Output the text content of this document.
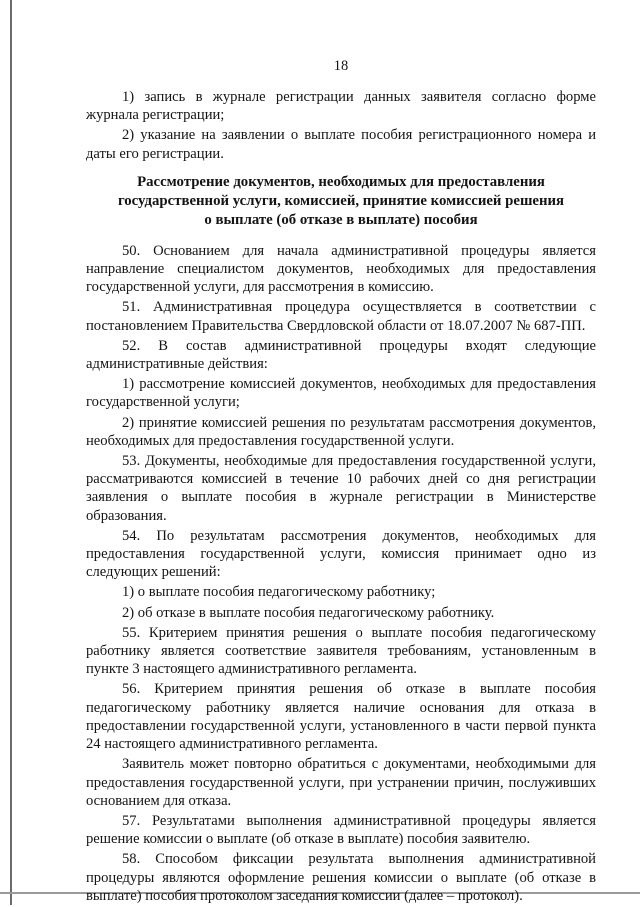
18

1) запись в журнале регистрации данных заявителя согласно форме журнала регистрации;

2) указание на заявлении о выплате пособия регистрационного номера и даты его регистрации.

Рассмотрение документов, необходимых для предоставления
государственной услуги, комиссией, принятие комиссией решения
о выплате (об отказе в выплате) пособия

50. Основанием для начала административной процедуры является направление специалистом документов, необходимых для предоставления государственной услуги, для рассмотрения в комиссию.

51. Административная процедура осуществляется в соответствии с постановлением Правительства Свердловской области от 18.07.2007 № 687-ПП.

52. В состав административной процедуры входят следующие административные действия:

1) рассмотрение комиссией документов, необходимых для предоставления государственной услуги;

2) принятие комиссией решения по результатам рассмотрения документов, необходимых для предоставления государственной услуги.

53. Документы, необходимые для предоставления государственной услуги, рассматриваются комиссией в течение 10 рабочих дней со дня регистрации заявления о выплате пособия в журнале регистрации в Министерстве образования.

54. По результатам рассмотрения документов, необходимых для предоставления государственной услуги, комиссия принимает одно из следующих решений:

1) о выплате пособия педагогическому работнику;

2) об отказе в выплате пособия педагогическому работнику.

55. Критерием принятия решения о выплате пособия педагогическому работнику является соответствие заявителя требованиям, установленным в пункте 3 настоящего административного регламента.

56. Критерием принятия решения об отказе в выплате пособия педагогическому работнику является наличие основания для отказа в предоставлении государственной услуги, установленного в части первой пункта 24 настоящего административного регламента.

Заявитель может повторно обратиться с документами, необходимыми для предоставления государственной услуги, при устранении причин, послуживших основанием для отказа.

57. Результатами выполнения административной процедуры является решение комиссии о выплате (об отказе в выплате) пособия заявителю.

58. Способом фиксации результата выполнения административной процедуры являются оформление решения комиссии о выплате (об отказе в выплате) пособия протоколом заседания комиссии (далее – протокол).
